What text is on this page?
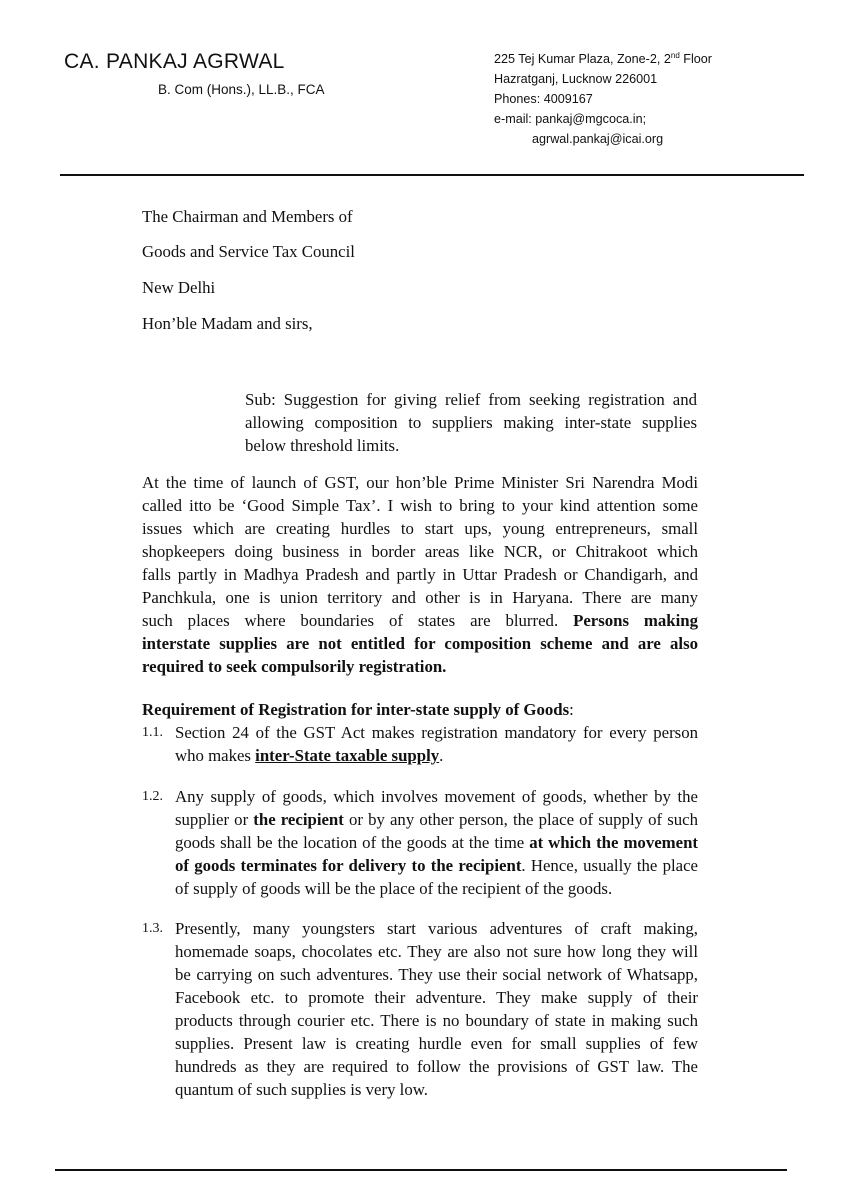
CA. PANKAJ AGRWAL
B. Com (Hons.), LL.B., FCA
225 Tej Kumar Plaza, Zone-2, 2nd Floor
Hazratganj, Lucknow 226001
Phones: 4009167
e-mail: pankaj@mgcoca.in;
agrwal.pankaj@icai.org
The Chairman and Members of
Goods and Service Tax Council
New Delhi
Hon’ble Madam and sirs,
Sub: Suggestion for giving relief from seeking registration and
allowing composition to suppliers making inter-state supplies
below threshold limits.
At the time of launch of GST, our hon’ble Prime Minister Sri Narendra Modi
called itto be ‘Good Simple Tax’. I wish to bring to your kind attention some
issues which are creating hurdles to start ups, young entrepreneurs, small
shopkeepers doing business in border areas like NCR, or Chitrakoot which
falls partly in Madhya Pradesh and partly in Uttar Pradesh or Chandigarh, and
Panchkula, one is union territory and other is in Haryana. There are many
such places where boundaries of states are blurred. Persons making
interstate supplies are not entitled for composition scheme and are also
required to seek compulsorily registration.
Requirement of Registration for inter-state supply of Goods:
1.1. Section 24 of the GST Act makes registration mandatory for every person
who makes inter-State taxable supply.
1.2. Any supply of goods, which involves movement of goods, whether by the
supplier or the recipient or by any other person, the place of supply of such
goods shall be the location of the goods at the time at which the movement
of goods terminates for delivery to the recipient. Hence, usually the place
of supply of goods will be the place of the recipient of the goods.
1.3. Presently, many youngsters start various adventures of craft making,
homemade soaps, chocolates etc. They are also not sure how long they will
be carrying on such adventures. They use their social network of Whatsapp,
Facebook etc. to promote their adventure. They make supply of their
products through courier etc. There is no boundary of state in making such
supplies. Present law is creating hurdle even for small supplies of few
hundreds as they are required to follow the provisions of GST law. The
quantum of such supplies is very low.
